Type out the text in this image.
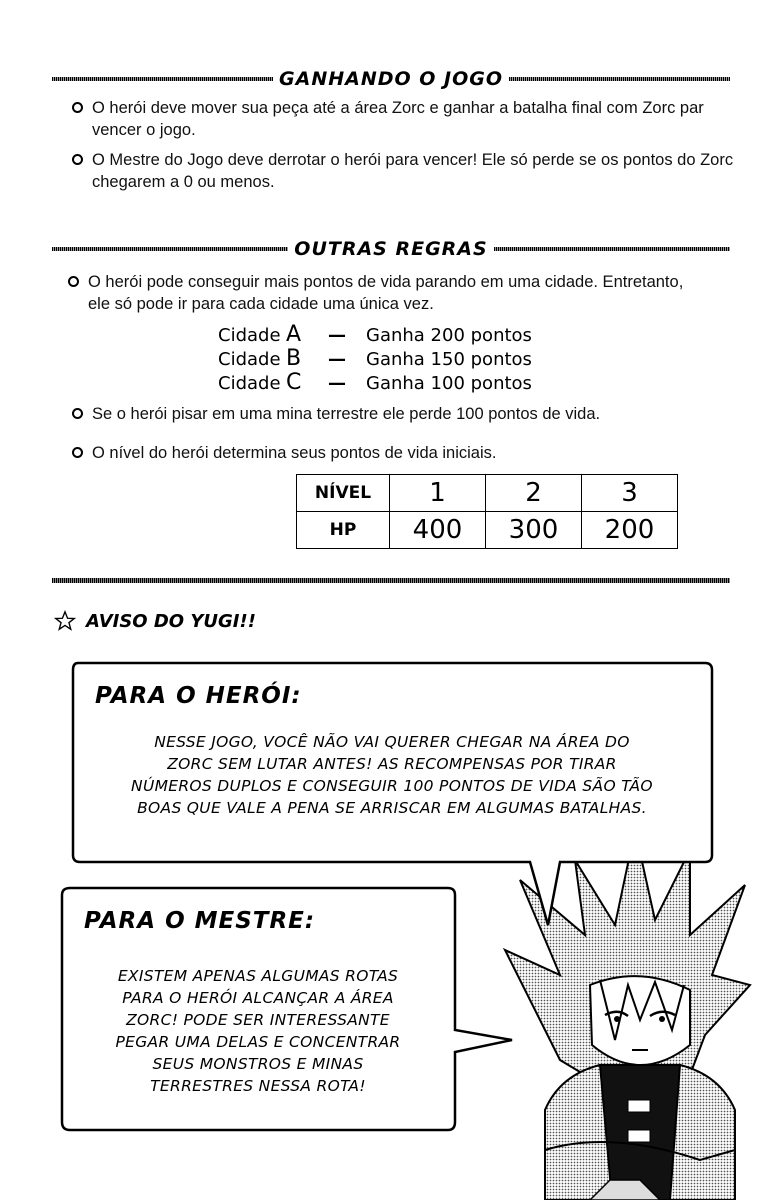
GANHANDO O JOGO
O herói deve mover sua peça até a área Zorc e ganhar a batalha final com Zorc par vencer o jogo.
O Mestre do Jogo deve derrotar o herói para vencer! Ele só perde se os pontos do Zorc chegarem a 0 ou menos.
OUTRAS REGRAS
O herói pode conseguir mais pontos de vida parando em uma cidade. Entretanto, ele só pode ir para cada cidade uma única vez.
Cidade A	—	Ganha 200 pontos
Cidade B	—	Ganha 150 pontos
Cidade C	—	Ganha 100 pontos
Se o herói pisar em uma mina terrestre ele perde 100 pontos de vida.
O nível do herói determina seus pontos de vida iniciais.
NÍVEL	1	2	3
HP	400	300	200
AVISO DO YUGI!!
PARA O HERÓI:
NESSE JOGO, VOCÊ NÃO VAI QUERER CHEGAR NA ÁREA DO
ZORC SEM LUTAR ANTES! AS RECOMPENSAS POR TIRAR
NÚMEROS DUPLOS E CONSEGUIR 100 PONTOS DE VIDA SÃO TÃO
BOAS QUE VALE A PENA SE ARRISCAR EM ALGUMAS BATALHAS.
PARA O MESTRE:
EXISTEM APENAS ALGUMAS ROTAS
PARA O HERÓI ALCANÇAR A ÁREA
ZORC! PODE SER INTERESSANTE
PEGAR UMA DELAS E CONCENTRAR
SEUS MONSTROS E MINAS
TERRESTRES NESSA ROTA!
